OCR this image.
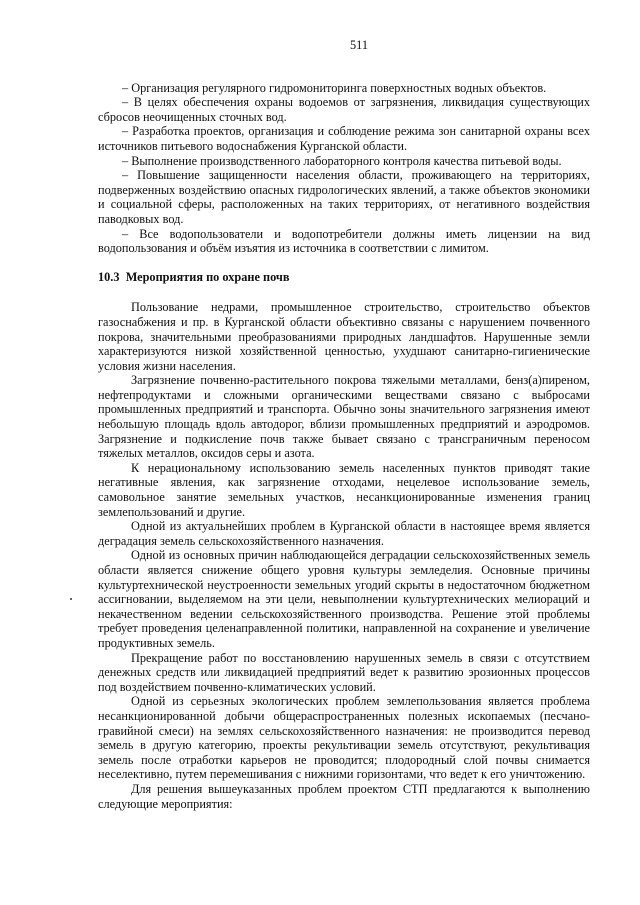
511

– Организация регулярного гидромониторинга поверхностных водных объектов.

– В целях обеспечения охраны водоемов от загрязнения, ликвидация существующих сбросов неочищенных сточных вод.

– Разработка проектов, организация и соблюдение режима зон санитарной охраны всех источников питьевого водоснабжения Курганской области.

– Выполнение производственного лабораторного контроля качества питьевой воды.

– Повышение защищенности населения области, проживающего на территориях, подверженных воздействию опасных гидрологических явлений, а также объектов экономики и социальной сферы, расположенных на таких территориях, от негативного воздействия паводковых вод.

– Все водопользователи и водопотребители должны иметь лицензии на вид водопользования и объём изъятия из источника в соответствии с лимитом.

10.3 Мероприятия по охране почв

Пользование недрами, промышленное строительство, строительство объектов газоснабжения и пр. в Курганской области объективно связаны с нарушением почвенного покрова, значительными преобразованиями природных ландшафтов. Нарушенные земли характеризуются низкой хозяйственной ценностью, ухудшают санитарно-гигиенические условия жизни населения.

Загрязнение почвенно-растительного покрова тяжелыми металлами, бенз(а)пиреном, нефтепродуктами и сложными органическими веществами связано с выбросами промышленных предприятий и транспорта. Обычно зоны значительного загрязнения имеют небольшую площадь вдоль автодорог, вблизи промышленных предприятий и аэродромов. Загрязнение и подкисление почв также бывает связано с трансграничным переносом тяжелых металлов, оксидов серы и азота.

К нерациональному использованию земель населенных пунктов приводят такие негативные явления, как загрязнение отходами, нецелевое использование земель, самовольное занятие земельных участков, несанкционированные изменения границ землепользований и другие.

Одной из актуальнейших проблем в Курганской области в настоящее время является деградация земель сельскохозяйственного назначения.

Одной из основных причин наблюдающейся деградации сельскохозяйственных земель области является снижение общего уровня культуры земледелия. Основные причины культуртехнической неустроенности земельных угодий скрыты в недостаточном бюджетном ассигновании, выделяемом на эти цели, невыполнении культуртехнических мелиораций и некачественном ведении сельскохозяйственного производства. Решение этой проблемы требует проведения целенаправленной политики, направленной на сохранение и увеличение продуктивных земель.

Прекращение работ по восстановлению нарушенных земель в связи с отсутствием денежных средств или ликвидацией предприятий ведет к развитию эрозионных процессов под воздействием почвенно-климатических условий.

Одной из серьезных экологических проблем землепользования является проблема несанкционированной добычи общераспространенных полезных ископаемых (песчано-гравийной смеси) на землях сельскохозяйственного назначения: не производится перевод земель в другую категорию, проекты рекультивации земель отсутствуют, рекультивация земель после отработки карьеров не проводится; плодородный слой почвы снимается неселективно, путем перемешивания с нижними горизонтами, что ведет к его уничтожению.

Для решения вышеуказанных проблем проектом СТП предлагаются к выполнению следующие мероприятия:
